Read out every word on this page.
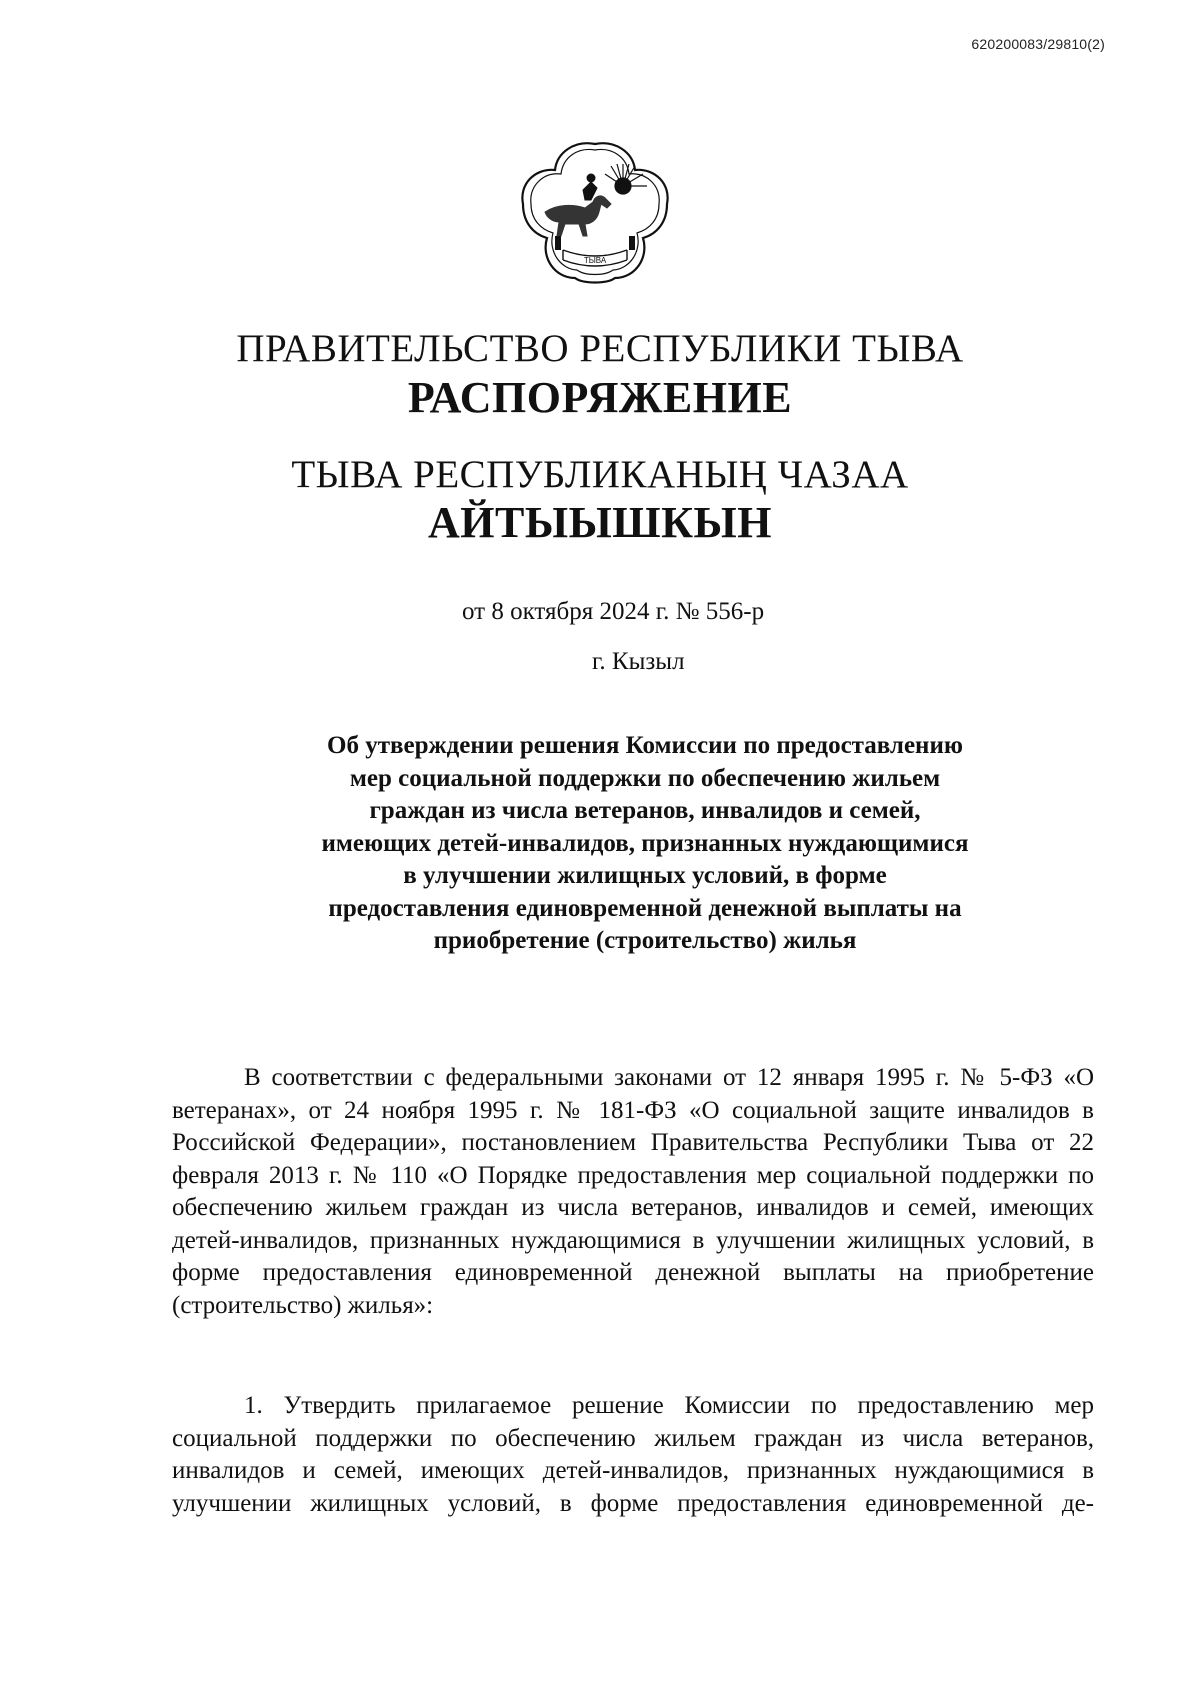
620200083/29810(2)
ТЫВА
ПРАВИТЕЛЬСТВО РЕСПУБЛИКИ ТЫВА
РАСПОРЯЖЕНИЕ
ТЫВА РЕСПУБЛИКАНЫҢ ЧАЗАА
АЙТЫЫШКЫН
от 8 октября 2024 г. № 556-р
г. Кызыл
Об утверждении решения Комиссии по предоставлению мер социальной поддержки по обеспечению жильем граждан из числа ветеранов, инвалидов и семей, имеющих детей-инвалидов, признанных нуждающимися в улучшении жилищных условий, в форме предоставления единовременной денежной выплаты на приобретение (строительство) жилья
В соответствии с федеральными законами от 12 января 1995 г. № 5-ФЗ «О ветеранах», от 24 ноября 1995 г. № 181-ФЗ «О социальной защите инвалидов в Российской Федерации», постановлением Правительства Республики Тыва от 22 февраля 2013 г. № 110 «О Порядке предоставления мер социальной поддержки по обеспечению жильем граждан из числа ветеранов, инвалидов и семей, имеющих детей-инвалидов, признанных нуждающимися в улучшении жилищных условий, в форме предоставления единовременной денежной выплаты на приобретение (строительство) жилья»:
1. Утвердить прилагаемое решение Комиссии по предоставлению мер социальной поддержки по обеспечению жильем граждан из числа ветеранов, инвалидов и семей, имеющих детей-инвалидов, признанных нуждающимися в улучшении жилищных условий, в форме предоставления единовременной де-
